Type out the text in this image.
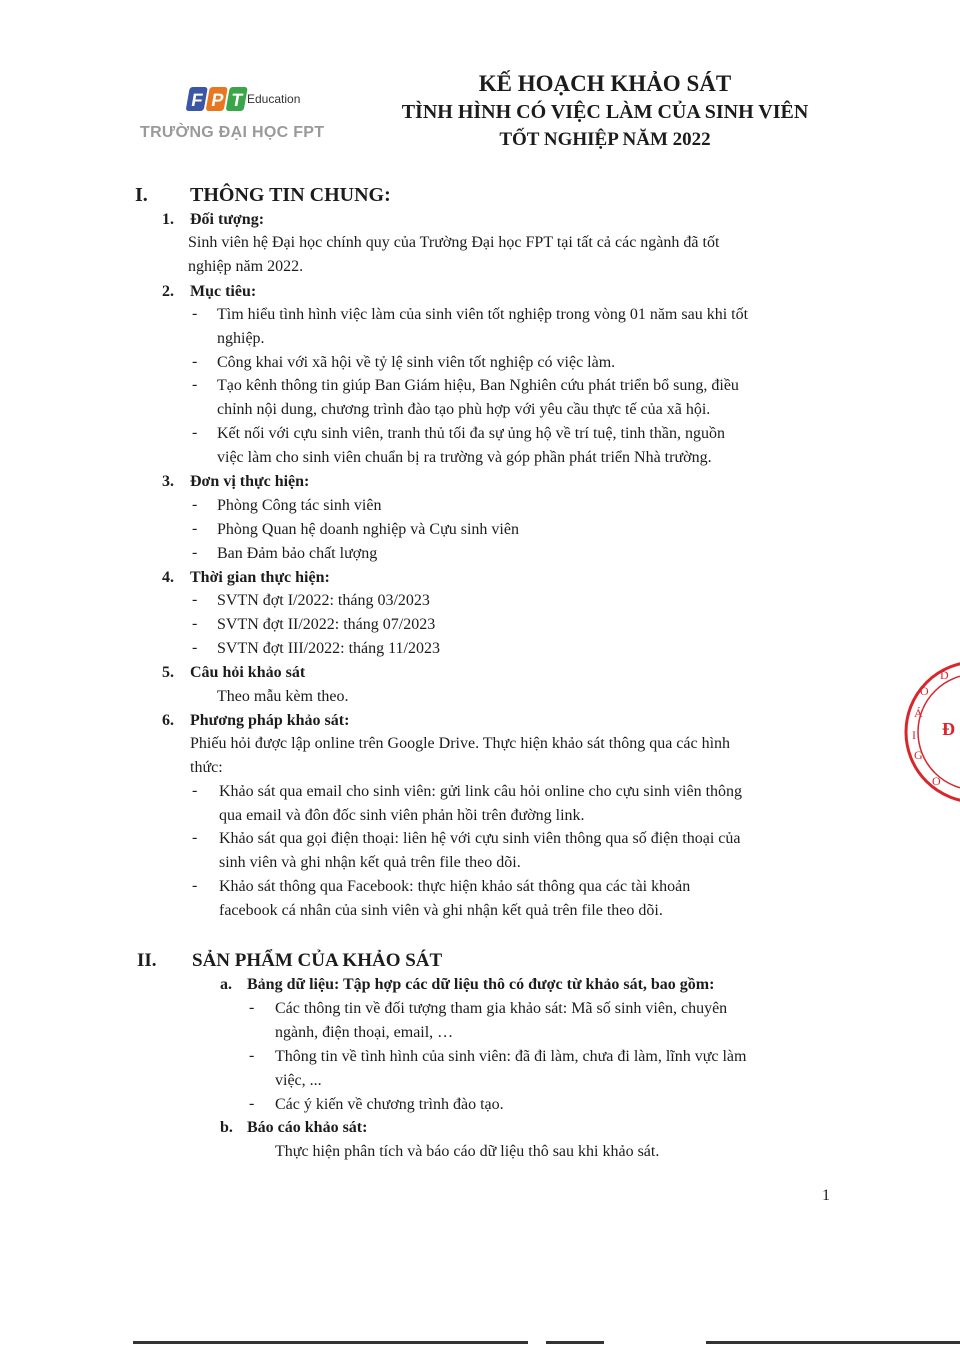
F P T Education
TRƯỜNG ĐẠI HỌC FPT
KẾ HOẠCH KHẢO SÁT
TÌNH HÌNH CÓ VIỆC LÀM CỦA SINH VIÊN
TỐT NGHIỆP NĂM 2022
I. THÔNG TIN CHUNG:
1. Đối tượng:
Sinh viên hệ Đại học chính quy của Trường Đại học FPT tại tất cả các ngành đã tốt
nghiệp năm 2022.
2. Mục tiêu:
- Tìm hiểu tình hình việc làm của sinh viên tốt nghiệp trong vòng 01 năm sau khi tốt
nghiệp.
- Công khai với xã hội về tỷ lệ sinh viên tốt nghiệp có việc làm.
- Tạo kênh thông tin giúp Ban Giám hiệu, Ban Nghiên cứu phát triển bổ sung, điều
chỉnh nội dung, chương trình đào tạo phù hợp với yêu cầu thực tế của xã hội.
- Kết nối với cựu sinh viên, tranh thủ tối đa sự ủng hộ về trí tuệ, tinh thần, nguồn
việc làm cho sinh viên chuẩn bị ra trường và góp phần phát triển Nhà trường.
3. Đơn vị thực hiện:
- Phòng Công tác sinh viên
- Phòng Quan hệ doanh nghiệp và Cựu sinh viên
- Ban Đảm bảo chất lượng
4. Thời gian thực hiện:
- SVTN đợt I/2022: tháng 03/2023
- SVTN đợt II/2022: tháng 07/2023
- SVTN đợt III/2022: tháng 11/2023
5. Câu hỏi khảo sát
Theo mẫu kèm theo.
6. Phương pháp khảo sát:
Phiếu hỏi được lập online trên Google Drive. Thực hiện khảo sát thông qua các hình
thức:
- Khảo sát qua email cho sinh viên: gửi link câu hỏi online cho cựu sinh viên thông
qua email và đôn đốc sinh viên phản hồi trên đường link.
- Khảo sát qua gọi điện thoại: liên hệ với cựu sinh viên thông qua số điện thoại của
sinh viên và ghi nhận kết quả trên file theo dõi.
- Khảo sát thông qua Facebook: thực hiện khảo sát thông qua các tài khoản
facebook cá nhân của sinh viên và ghi nhận kết quả trên file theo dõi.
II. SẢN PHẨM CỦA KHẢO SÁT
a. Bảng dữ liệu: Tập hợp các dữ liệu thô có được từ khảo sát, bao gồm:
- Các thông tin về đối tượng tham gia khảo sát: Mã số sinh viên, chuyên
ngành, điện thoại, email, …
- Thông tin về tình hình của sinh viên: đã đi làm, chưa đi làm, lĩnh vực làm
việc, ...
- Các ý kiến về chương trình đào tạo.
b. Báo cáo khảo sát:
Thực hiện phân tích và báo cáo dữ liệu thô sau khi khảo sát.
1
O
Á
I
G
O
D
Đ
